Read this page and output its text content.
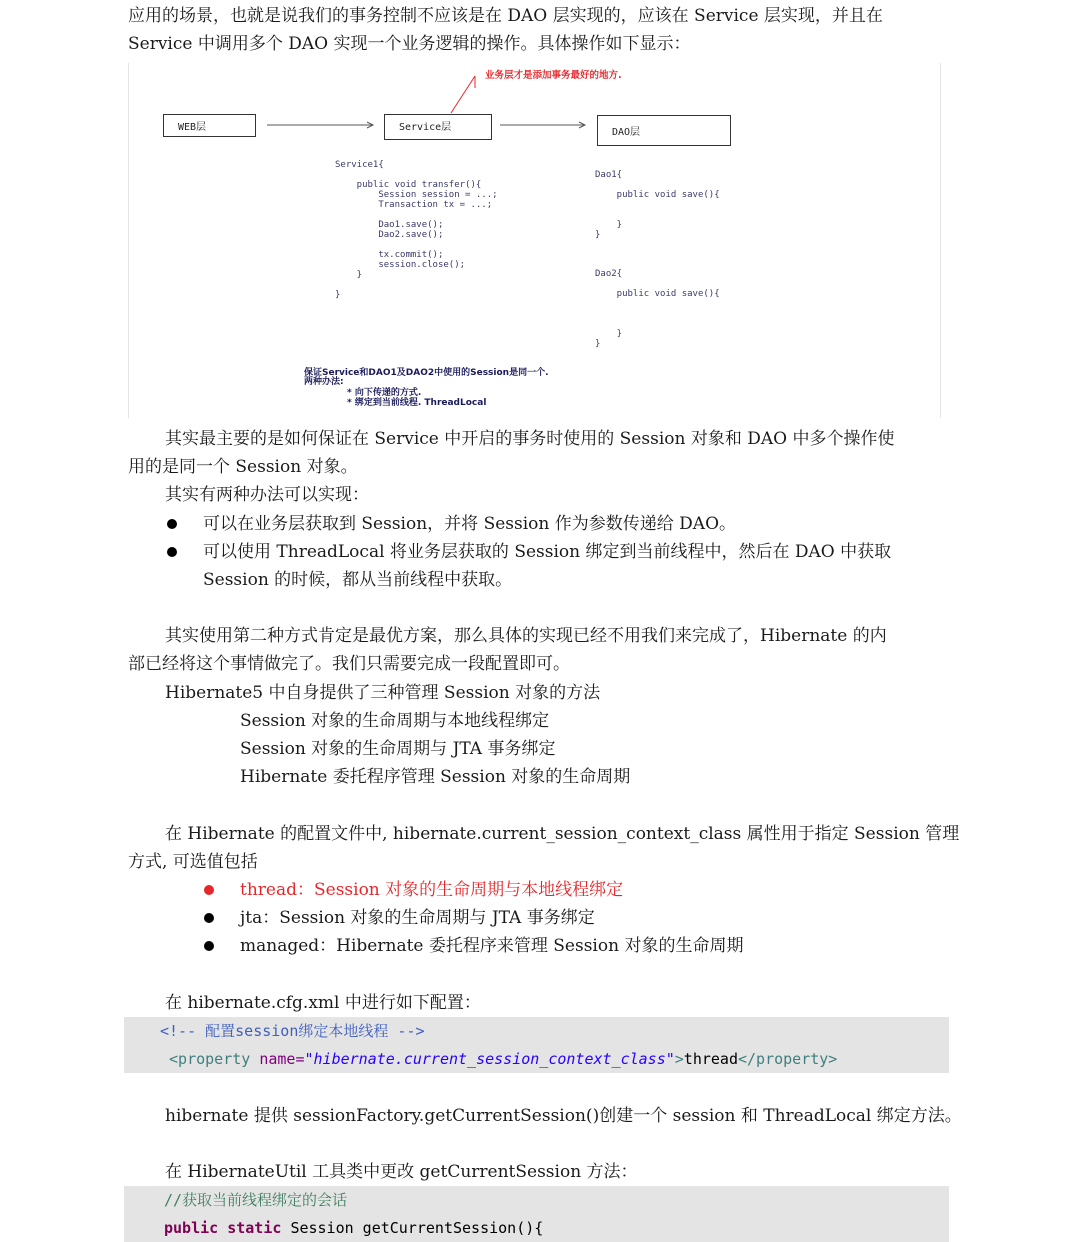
应用的场景，也就是说我们的事务控制不应该是在 DAO 层实现的，应该在 Service 层实现，并且在
Service 中调用多个 DAO 实现一个业务逻辑的操作。具体操作如下显示：
业务层才是添加事务最好的地方.
WEB层	Service层	DAO层
Service1{

public void transfer(){
Session session = ...;
Transaction tx = ...;

Dao1.save();
Dao2.save();

tx.commit();
session.close();
}

}
Dao1{

public void save(){

}
}
Dao2{

public void save(){

}
}
保证Service和DAO1及DAO2中使用的Session是同一个.
两种办法:
* 向下传递的方式.
* 绑定到当前线程. ThreadLocal
其实最主要的是如何保证在 Service 中开启的事务时使用的 Session 对象和 DAO 中多个操作使
用的是同一个 Session 对象。
其实有两种办法可以实现：
可以在业务层获取到 Session，并将 Session 作为参数传递给 DAO。
可以使用 ThreadLocal 将业务层获取的 Session 绑定到当前线程中，然后在 DAO 中获取
Session 的时候，都从当前线程中获取。
其实使用第二种方式肯定是最优方案，那么具体的实现已经不用我们来完成了，Hibernate 的内
部已经将这个事情做完了。我们只需要完成一段配置即可。
Hibernate5 中自身提供了三种管理 Session 对象的方法
Session 对象的生命周期与本地线程绑定
Session 对象的生命周期与 JTA 事务绑定
Hibernate 委托程序管理 Session 对象的生命周期
在 Hibernate 的配置文件中, hibernate.current_session_context_class 属性用于指定 Session 管理
方式, 可选值包括
thread：Session 对象的生命周期与本地线程绑定
jta：Session 对象的生命周期与 JTA 事务绑定
managed：Hibernate 委托程序来管理 Session 对象的生命周期
在 hibernate.cfg.xml 中进行如下配置：
<!-- 配置session绑定本地线程 -->
<property name="hibernate.current_session_context_class">thread</property>
hibernate 提供 sessionFactory.getCurrentSession()创建一个 session 和 ThreadLocal 绑定方法。
在 HibernateUtil 工具类中更改 getCurrentSession 方法：
//获取当前线程绑定的会话
public static Session getCurrentSession(){
